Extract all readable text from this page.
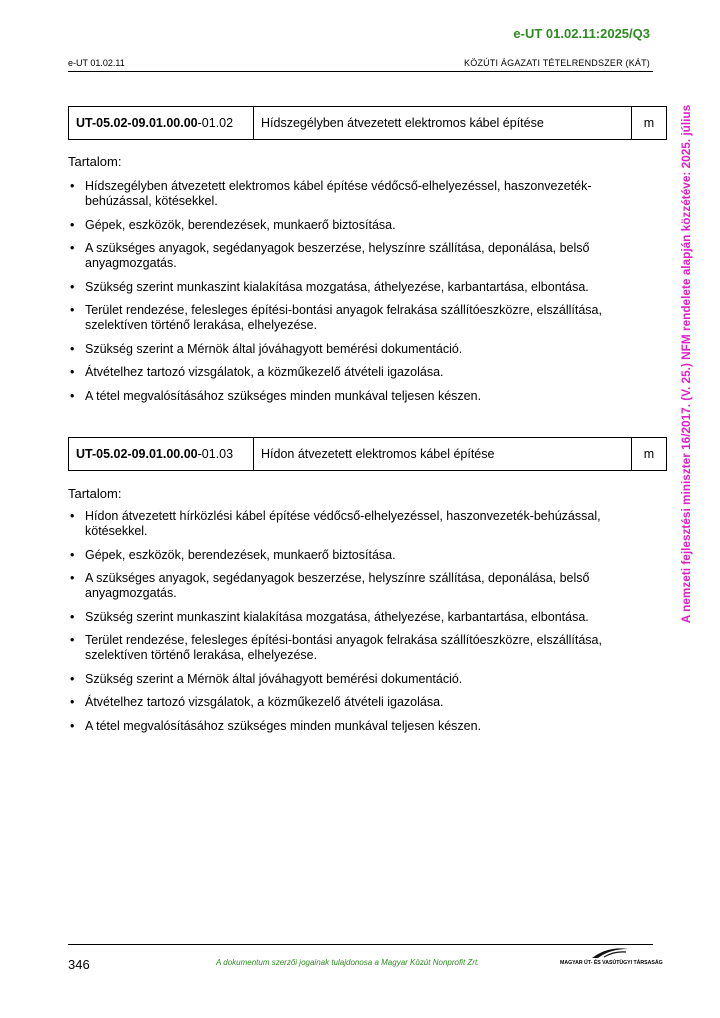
e-UT 01.02.11:2025/Q3
e-UT 01.02.11	KÖZÚTI ÁGAZATI TÉTELRENDSZER (KÁT)
A nemzeti fejlesztési miniszter 16/2017. (V. 25.) NFM rendelete alapján közzétéve: 2025. július
UT-05.02-09.01.00.00-01.02	Hídszegélyben átvezetett elektromos kábel építése	m
Tartalom:
• Hídszegélyben átvezetett elektromos kábel építése védőcső-elhelyezéssel, haszonvezeték-behúzással, kötésekkel.
• Gépek, eszközök, berendezések, munkaerő biztosítása.
• A szükséges anyagok, segédanyagok beszerzése, helyszínre szállítása, deponálása, belső anyagmozgatás.
• Szükség szerint munkaszint kialakítása mozgatása, áthelyezése, karbantartása, elbontása.
• Terület rendezése, felesleges építési-bontási anyagok felrakása szállítóeszközre, elszállítása, szelektíven történő lerakása, elhelyezése.
• Szükség szerint a Mérnök által jóváhagyott bemérési dokumentáció.
• Átvételhez tartozó vizsgálatok, a közműkezelő átvételi igazolása.
• A tétel megvalósításához szükséges minden munkával teljesen készen.
UT-05.02-09.01.00.00-01.03	Hídon átvezetett elektromos kábel építése	m
Tartalom:
• Hídon átvezetett hírközlési kábel építése védőcső-elhelyezéssel, haszonvezeték-behúzással, kötésekkel.
• Gépek, eszközök, berendezések, munkaerő biztosítása.
• A szükséges anyagok, segédanyagok beszerzése, helyszínre szállítása, deponálása, belső anyagmozgatás.
• Szükség szerint munkaszint kialakítása mozgatása, áthelyezése, karbantartása, elbontása.
• Terület rendezése, felesleges építési-bontási anyagok felrakása szállítóeszközre, elszállítása, szelektíven történő lerakása, elhelyezése.
• Szükség szerint a Mérnök által jóváhagyott bemérési dokumentáció.
• Átvételhez tartozó vizsgálatok, a közműkezelő átvételi igazolása.
• A tétel megvalósításához szükséges minden munkával teljesen készen.
346	A dokumentum szerzői jogainak tulajdonosa a Magyar Közút Nonprofit Zrt.	MAGYAR ÚT- ÉS VASÚTÜGYI TÁRSASÁG
